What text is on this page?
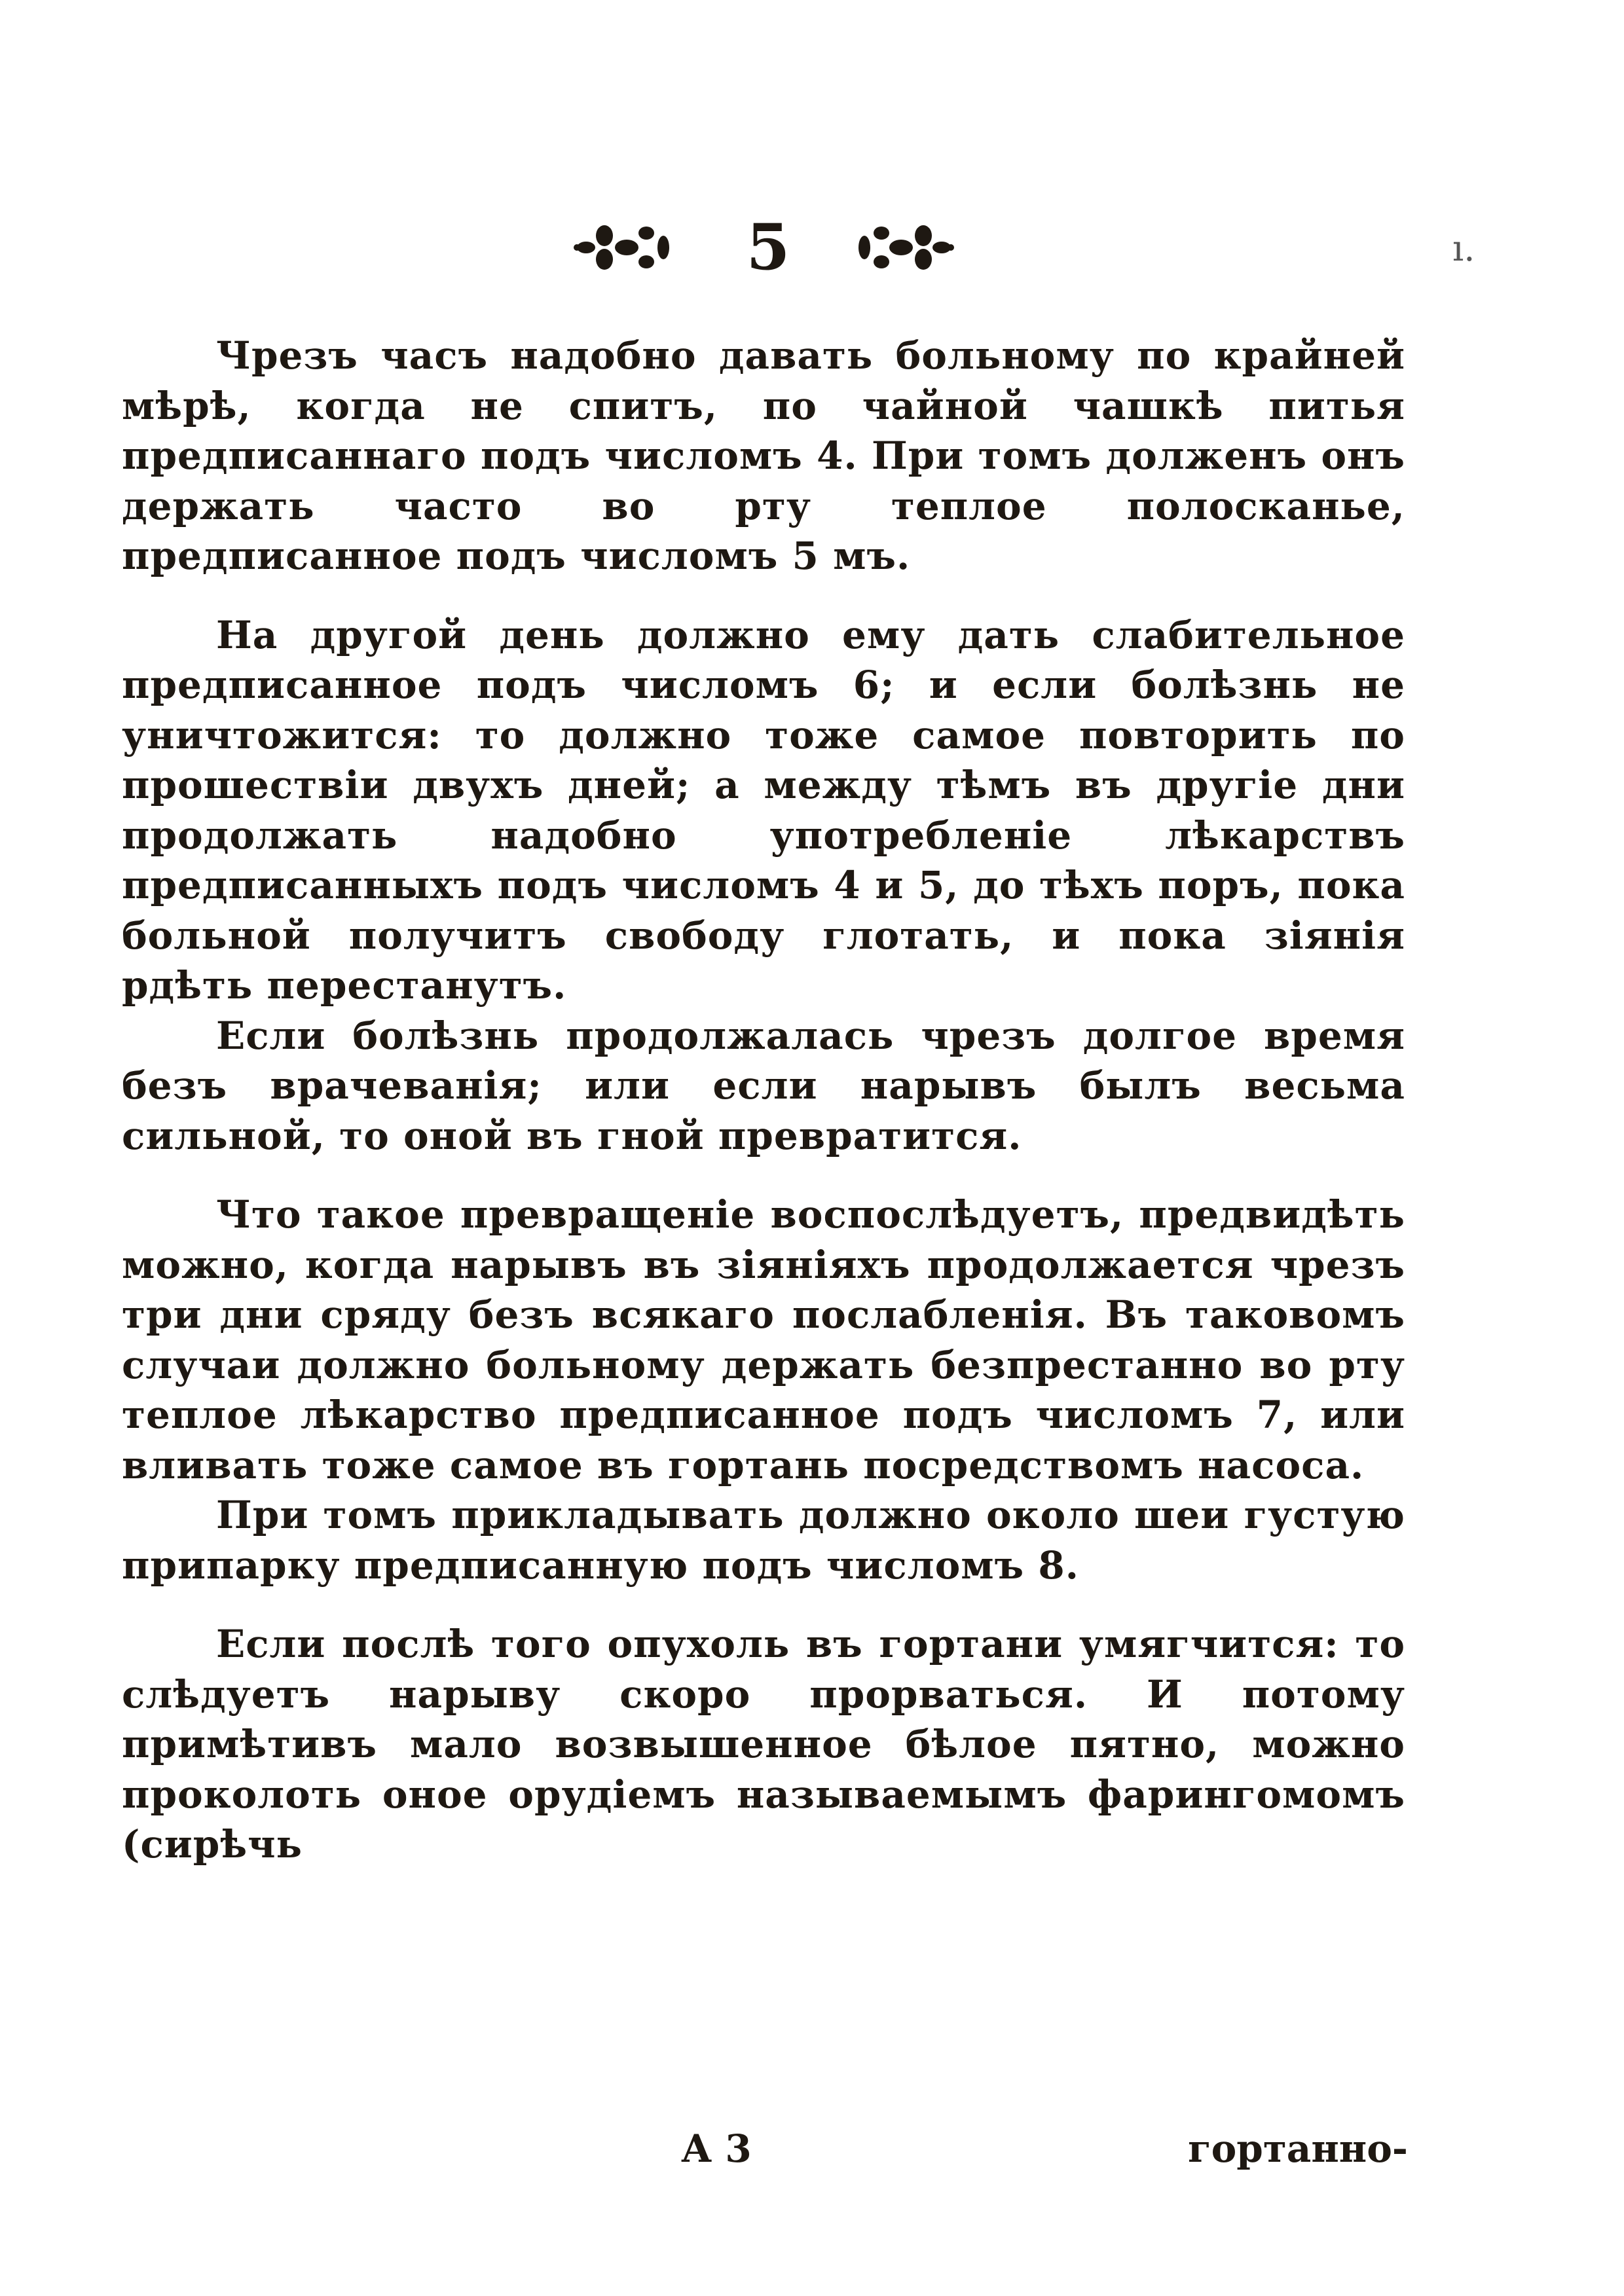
5	ı.

Чрезъ часъ надобно давать больному по крайней мѣрѣ, когда не спитъ, по чайной чашкѣ питья предписаннаго подъ числомъ 4. При томъ долженъ онъ держать часто во рту теплое полосканье, предписанное подъ числомъ 5 мъ.

На другой день должно ему дать слабительное предписанное подъ числомъ 6; и если болѣзнь не уничтожится: то должно тоже самое повторить по прошествіи двухъ дней; а между тѣмъ въ другіе дни продолжать надобно употребленіе лѣкарствъ предписанныхъ подъ числомъ 4 и 5, до тѣхъ поръ, пока больной получитъ свободу глотать, и пока зіянія рдѣть перестанутъ.

Если болѣзнь продолжалась чрезъ долгое время безъ врачеванія; или если нарывъ былъ весьма сильной, то оной въ гной превратится.

Что такое превращеніе воспослѣдуетъ, предвидѣть можно, когда нарывъ въ зіяніяхъ продолжается чрезъ три дни сряду безъ всякаго послабленія. Въ таковомъ случаи должно больному держать безпрестанно во рту теплое лѣкарство предписанное подъ числомъ 7, или вливать тоже самое въ гортань посредствомъ насоса.

При томъ прикладывать должно около шеи густую припарку предписанную подъ числомъ 8.

Если послѣ того опухоль въ гортани умягчится: то слѣдуетъ нарыву скоро прорваться. И потому примѣтивъ мало возвышенное бѣлое пятно, можно проколоть оное орудіемъ называемымъ фарингомомъ (сирѣчь

А 3	гортанно-
